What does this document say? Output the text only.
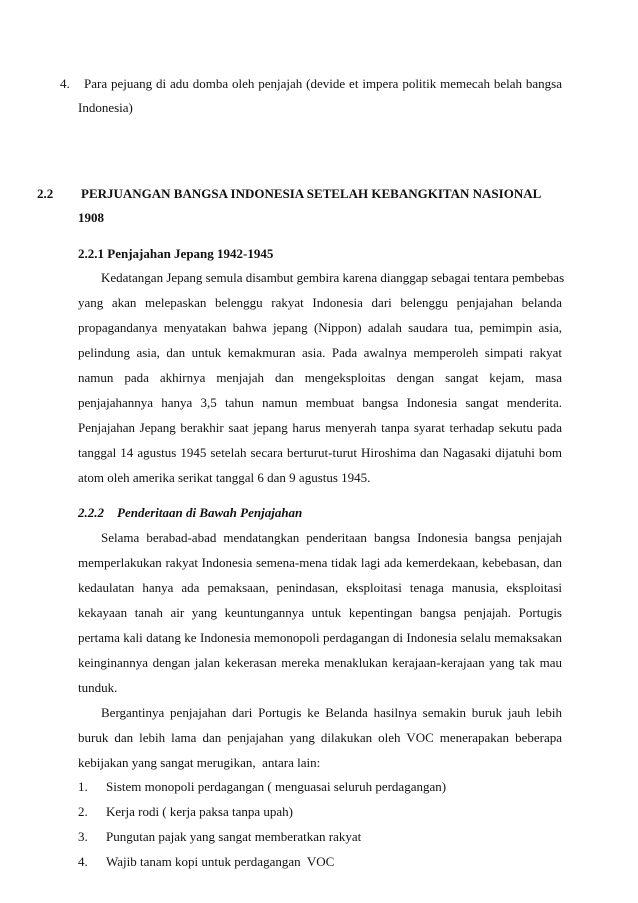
4.	Para pejuang di adu domba oleh penjajah (devide et impera politik memecah belah bangsa
Indonesia)
2.2	PERJUANGAN BANGSA INDONESIA SETELAH KEBANGKITAN NASIONAL
1908
2.2.1 Penjajahan Jepang 1942-1945
Kedatangan Jepang semula disambut gembira karena dianggap sebagai tentara pembebas
yang akan melepaskan belenggu rakyat Indonesia dari belenggu penjajahan belanda
propagandanya menyatakan bahwa jepang (Nippon) adalah saudara tua, pemimpin asia,
pelindung asia, dan untuk kemakmuran asia. Pada awalnya memperoleh simpati rakyat
namun pada akhirnya menjajah dan mengeksploitas dengan sangat kejam, masa
penjajahannya hanya 3,5 tahun namun membuat bangsa Indonesia sangat menderita.
Penjajahan Jepang berakhir saat jepang harus menyerah tanpa syarat terhadap sekutu pada
tanggal 14 agustus 1945 setelah secara berturut-turut Hiroshima dan Nagasaki dijatuhi bom
atom oleh amerika serikat tanggal 6 dan 9 agustus 1945.
2.2.2    Penderitaan di Bawah Penjajahan
Selama berabad-abad mendatangkan penderitaan bangsa Indonesia bangsa penjajah
memperlakukan rakyat Indonesia semena-mena tidak lagi ada kemerdekaan, kebebasan, dan
kedaulatan hanya ada pemaksaan, penindasan, eksploitasi tenaga manusia, eksploitasi
kekayaan tanah air yang keuntungannya untuk kepentingan bangsa penjajah. Portugis
pertama kali datang ke Indonesia memonopoli perdagangan di Indonesia selalu memaksakan
keinginannya dengan jalan kekerasan mereka menaklukan kerajaan-kerajaan yang tak mau
tunduk.
Bergantinya penjajahan dari Portugis ke Belanda hasilnya semakin buruk jauh lebih
buruk dan lebih lama dan penjajahan yang dilakukan oleh VOC menerapakan beberapa
kebijakan yang sangat merugikan,  antara lain:
1.	Sistem monopoli perdagangan ( menguasai seluruh perdagangan)
2.	Kerja rodi ( kerja paksa tanpa upah)
3.	Pungutan pajak yang sangat memberatkan rakyat
4.	Wajib tanam kopi untuk perdagangan  VOC
